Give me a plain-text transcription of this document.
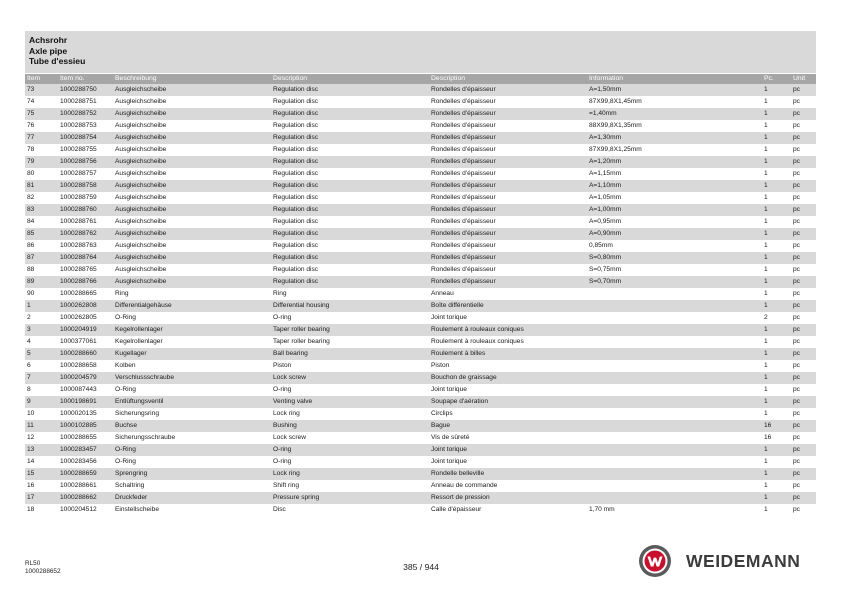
Achsrohr
Axle pipe
Tube d'essieu
Item	Item no.	Beschreibung	Description	Description	Information	Pc.	Unit
73	1000288750	Ausgleichscheibe	Regulation disc	Rondelles d'épaisseur	A=1,50mm	1	pc
74	1000288751	Ausgleichscheibe	Regulation disc	Rondelles d'épaisseur	87X99,8X1,45mm	1	pc
75	1000288752	Ausgleichscheibe	Regulation disc	Rondelles d'épaisseur	=1,40mm	1	pc
76	1000288753	Ausgleichscheibe	Regulation disc	Rondelles d'épaisseur	88X99,8X1,35mm	1	pc
77	1000288754	Ausgleichscheibe	Regulation disc	Rondelles d'épaisseur	A=1,30mm	1	pc
78	1000288755	Ausgleichscheibe	Regulation disc	Rondelles d'épaisseur	87X99,8X1,25mm	1	pc
79	1000288756	Ausgleichscheibe	Regulation disc	Rondelles d'épaisseur	A=1,20mm	1	pc
80	1000288757	Ausgleichscheibe	Regulation disc	Rondelles d'épaisseur	A=1,15mm	1	pc
81	1000288758	Ausgleichscheibe	Regulation disc	Rondelles d'épaisseur	A=1,10mm	1	pc
82	1000288759	Ausgleichscheibe	Regulation disc	Rondelles d'épaisseur	A=1,05mm	1	pc
83	1000288760	Ausgleichscheibe	Regulation disc	Rondelles d'épaisseur	A=1,00mm	1	pc
84	1000288761	Ausgleichscheibe	Regulation disc	Rondelles d'épaisseur	A=0,95mm	1	pc
85	1000288762	Ausgleichscheibe	Regulation disc	Rondelles d'épaisseur	A=0,90mm	1	pc
86	1000288763	Ausgleichscheibe	Regulation disc	Rondelles d'épaisseur	0,85mm	1	pc
87	1000288764	Ausgleichscheibe	Regulation disc	Rondelles d'épaisseur	S=0,80mm	1	pc
88	1000288765	Ausgleichscheibe	Regulation disc	Rondelles d'épaisseur	S=0,75mm	1	pc
89	1000288766	Ausgleichscheibe	Regulation disc	Rondelles d'épaisseur	S=0,70mm	1	pc
90	1000288665	Ring	Ring	Anneau		1	pc
1	1000262808	Differentialgehäuse	Differential housing	Boîte différentielle		1	pc
2	1000262805	O-Ring	O-ring	Joint torique		2	pc
3	1000204919	Kegelrollenlager	Taper roller bearing	Roulement à rouleaux coniques		1	pc
4	1000377061	Kegelrollenlager	Taper roller bearing	Roulement à rouleaux coniques		1	pc
5	1000288660	Kugellager	Ball bearing	Roulement à billes		1	pc
6	1000288658	Kolben	Piston	Piston		1	pc
7	1000204579	Verschlussschraube	Lock screw	Bouchon de graissage		1	pc
8	1000087443	O-Ring	O-ring	Joint torique		1	pc
9	1000198691	Entlüftungsventil	Venting valve	Soupape d'aération		1	pc
10	1000020135	Sicherungsring	Lock ring	Circlips		1	pc
11	1000102885	Buchse	Bushing	Bague		16	pc
12	1000288655	Sicherungsschraube	Lock screw	Vis de sûreté		16	pc
13	1000283457	O-Ring	O-ring	Joint torique		1	pc
14	1000283456	O-Ring	O-ring	Joint torique		1	pc
15	1000288659	Sprengring	Lock ring	Rondelle belleville		1	pc
16	1000288661	Schaltring	Shift ring	Anneau de commande		1	pc
17	1000288662	Druckfeder	Pressure spring	Ressort de pression		1	pc
18	1000204512	Einstellscheibe	Disc	Calle d'épaisseur	1,70 mm	1	pc
RL50
1000288652	385 / 944	WEIDEMANN
